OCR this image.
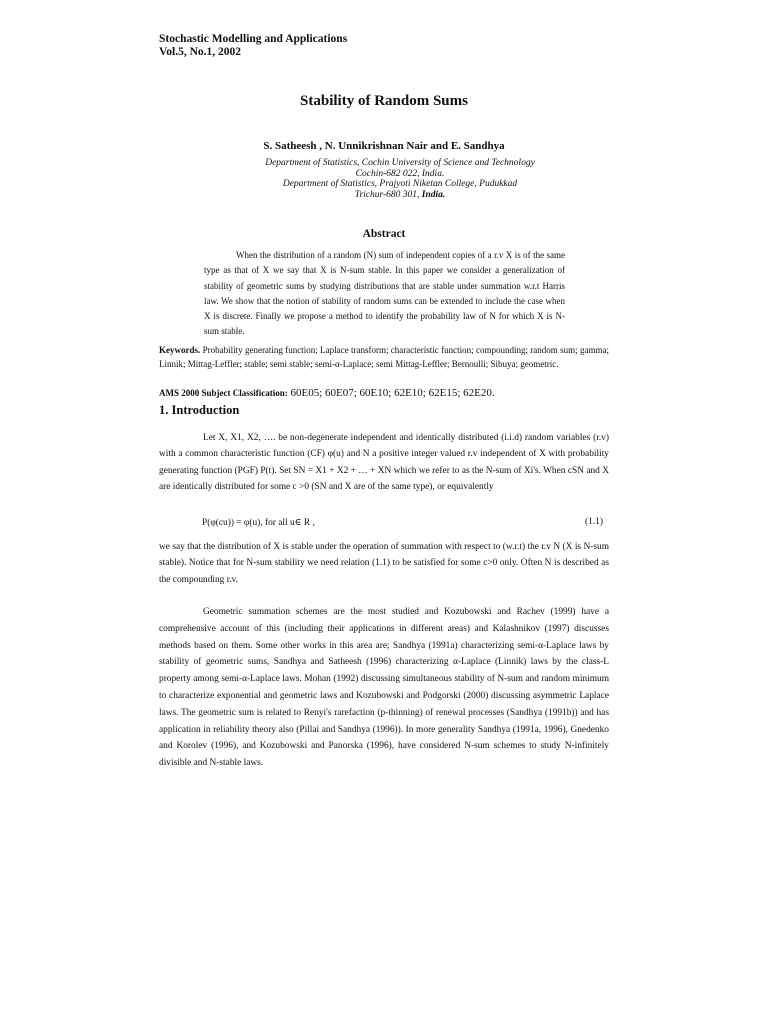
Stochastic Modelling and Applications
Vol.5, No.1, 2002
Stability of Random Sums
S. Satheesh , N. Unnikrishnan Nair and E. Sandhya
Department of Statistics, Cochin University of Science and Technology
Cochin-682 022, India.
Department of Statistics, Prajyoti Niketan College, Pudukkad
Trichur-680 301, India.
Abstract

When the distribution of a random (N) sum of independent copies of a r.v X is of the same type as that of X we say that X is N-sum stable. In this paper we consider a generalization of stability of geometric sums by studying distributions that are stable under summation w.r.t Harris law. We show that the notion of stability of random sums can be extended to include the case when X is discrete. Finally we propose a method to identify the probability law of N for which X is N-sum stable.

Keywords. Probability generating function; Laplace transform; characteristic function; compounding; random sum; gamma; Linnik; Mittag-Leffler; stable; semi stable; semi-α-Laplace; semi Mittag-Leffler; Bernoulli; Sibuya; geometric.

AMS 2000 Subject Classification: 60E05; 60E07; 60E10; 62E10; 62E15; 62E20.

1. Introduction

Let X, X1, X2, …. be non-degenerate independent and identically distributed (i.i.d) random variables (r.v) with a common characteristic function (CF) φ(u) and N a positive integer valued r.v independent of X with probability generating function (PGF) P(t). Set SN = X1 + X2 + … + XN which we refer to as the N-sum of Xi's. When cSN and X are identically distributed for some c >0 (SN and X are of the same type), or equivalently

P(φ(cu)) = φ(u), for all u∈ R ,	(1.1)

we say that the distribution of X is stable under the operation of summation with respect to (w.r.t) the r.v N (X is N-sum stable). Notice that for N-sum stability we need relation (1.1) to be satisfied for some c>0 only. Often N is described as the compounding r.v.

Geometric summation schemes are the most studied and Kozubowski and Rachev (1999) have a comprehensive account of this (including their applications in different areas) and Kalashnikov (1997) discusses methods based on them. Some other works in this area are; Sandhya (1991a) characterizing semi-α-Laplace laws by stability of geometric sums, Sandhya and Satheesh (1996) characterizing α-Laplace (Linnik) laws by the class-L property among semi-α-Laplace laws. Mohan (1992) discussing simultaneous stability of N-sum and random minimum to characterize exponential and geometric laws and Kozubowski and Podgorski (2000) discussing asymmetric Laplace laws. The geometric sum is related to Renyi's rarefaction (p-thinning) of renewal processes (Sandhya (1991b)) and has application in reliability theory also (Pillai and Sandhya (1996)). In more generality Sandhya (1991a, 1996), Gnedenko and Korolev (1996), and Kozubowski and Panorska (1996), have considered N-sum schemes to study N-infinitely divisible and N-stable laws.
